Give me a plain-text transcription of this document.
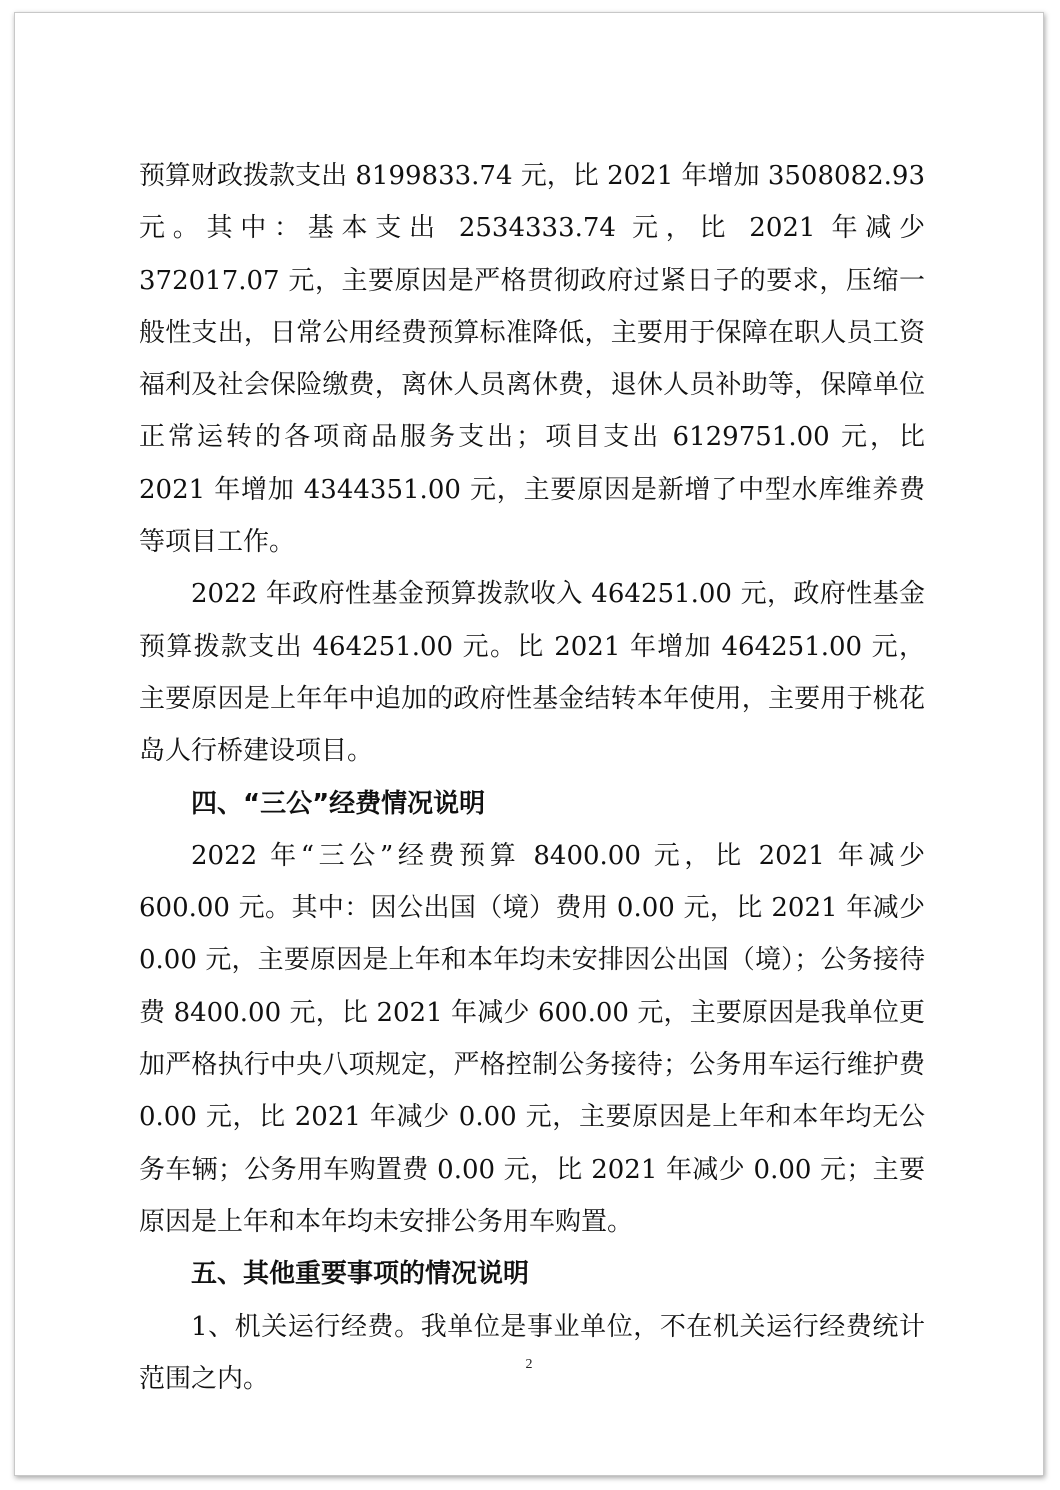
预算财政拨款支出 8199833.74 元，比 2021 年增加 3508082.93 元。其中：基本支出 2534333.74 元，比 2021 年减少 372017.07 元，主要原因是严格贯彻政府过紧日子的要求，压缩一般性支出，日常公用经费预算标准降低，主要用于保障在职人员工资福利及社会保险缴费，离休人员离休费，退休人员补助等，保障单位正常运转的各项商品服务支出；项目支出 6129751.00 元，比 2021 年增加 4344351.00 元，主要原因是新增了中型水库维养费等项目工作。

2022 年政府性基金预算拨款收入 464251.00 元，政府性基金预算拨款支出 464251.00 元。比 2021 年增加 464251.00 元，主要原因是上年年中追加的政府性基金结转本年使用，主要用于桃花岛人行桥建设项目。

四、“三公”经费情况说明

2022 年“三公”经费预算 8400.00 元，比 2021 年减少 600.00 元。其中：因公出国（境）费用 0.00 元，比 2021 年减少 0.00 元，主要原因是上年和本年均未安排因公出国（境）；公务接待费 8400.00 元，比 2021 年减少 600.00 元，主要原因是我单位更加严格执行中央八项规定，严格控制公务接待；公务用车运行维护费 0.00 元，比 2021 年减少 0.00 元，主要原因是上年和本年均无公务车辆；公务用车购置费 0.00 元，比 2021 年减少 0.00 元；主要原因是上年和本年均未安排公务用车购置。

五、其他重要事项的情况说明

1、机关运行经费。我单位是事业单位，不在机关运行经费统计范围之内。	2
